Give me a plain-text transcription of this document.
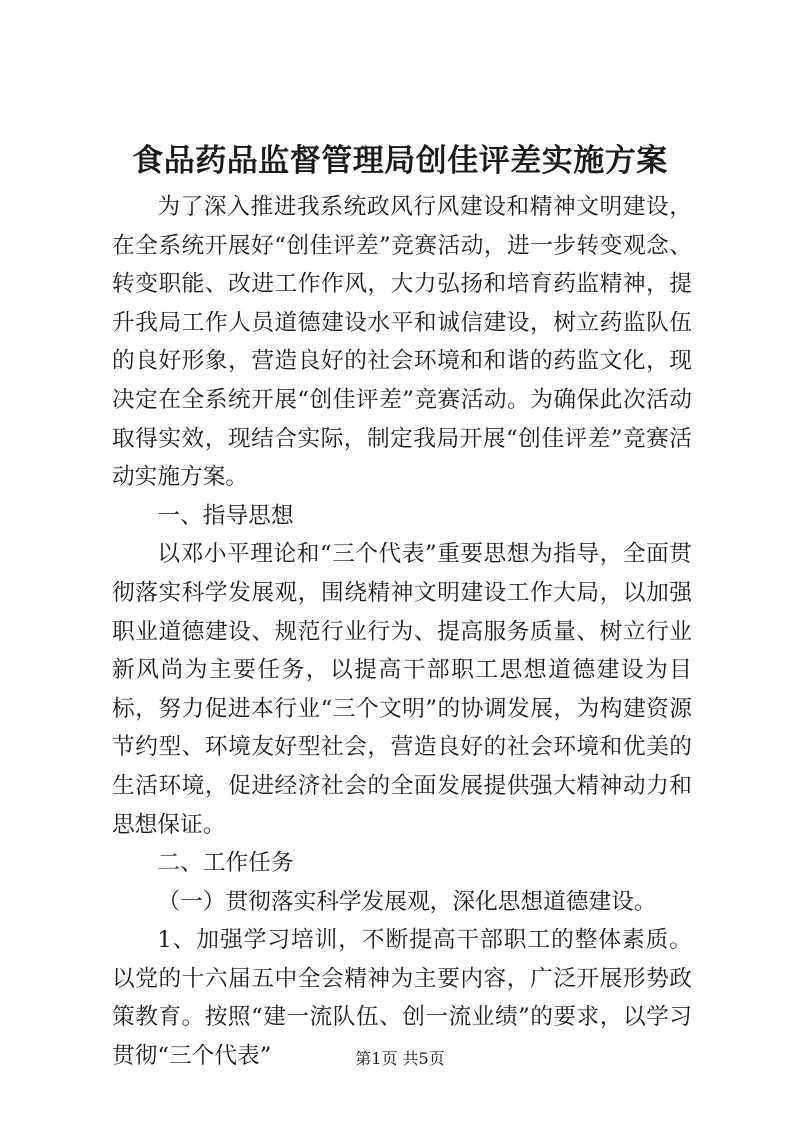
食品药品监督管理局创佳评差实施方案

为了深入推进我系统政风行风建设和精神文明建设，在全系统开展好“创佳评差”竞赛活动，进一步转变观念、转变职能、改进工作作风，大力弘扬和培育药监精神，提升我局工作人员道德建设水平和诚信建设，树立药监队伍的良好形象，营造良好的社会环境和和谐的药监文化，现决定在全系统开展“创佳评差”竞赛活动。为确保此次活动取得实效，现结合实际，制定我局开展“创佳评差”竞赛活动实施方案。

一、指导思想

以邓小平理论和“三个代表”重要思想为指导，全面贯彻落实科学发展观，围绕精神文明建设工作大局，以加强职业道德建设、规范行业行为、提高服务质量、树立行业新风尚为主要任务，以提高干部职工思想道德建设为目标，努力促进本行业“三个文明”的协调发展，为构建资源节约型、环境友好型社会，营造良好的社会环境和优美的生活环境，促进经济社会的全面发展提供强大精神动力和思想保证。

二、工作任务

（一）贯彻落实科学发展观，深化思想道德建设。

1、加强学习培训，不断提高干部职工的整体素质。以党的十六届五中全会精神为主要内容，广泛开展形势政策教育。按照“建一流队伍、创一流业绩”的要求，以学习贯彻“三个代表”	第1页 共5页
